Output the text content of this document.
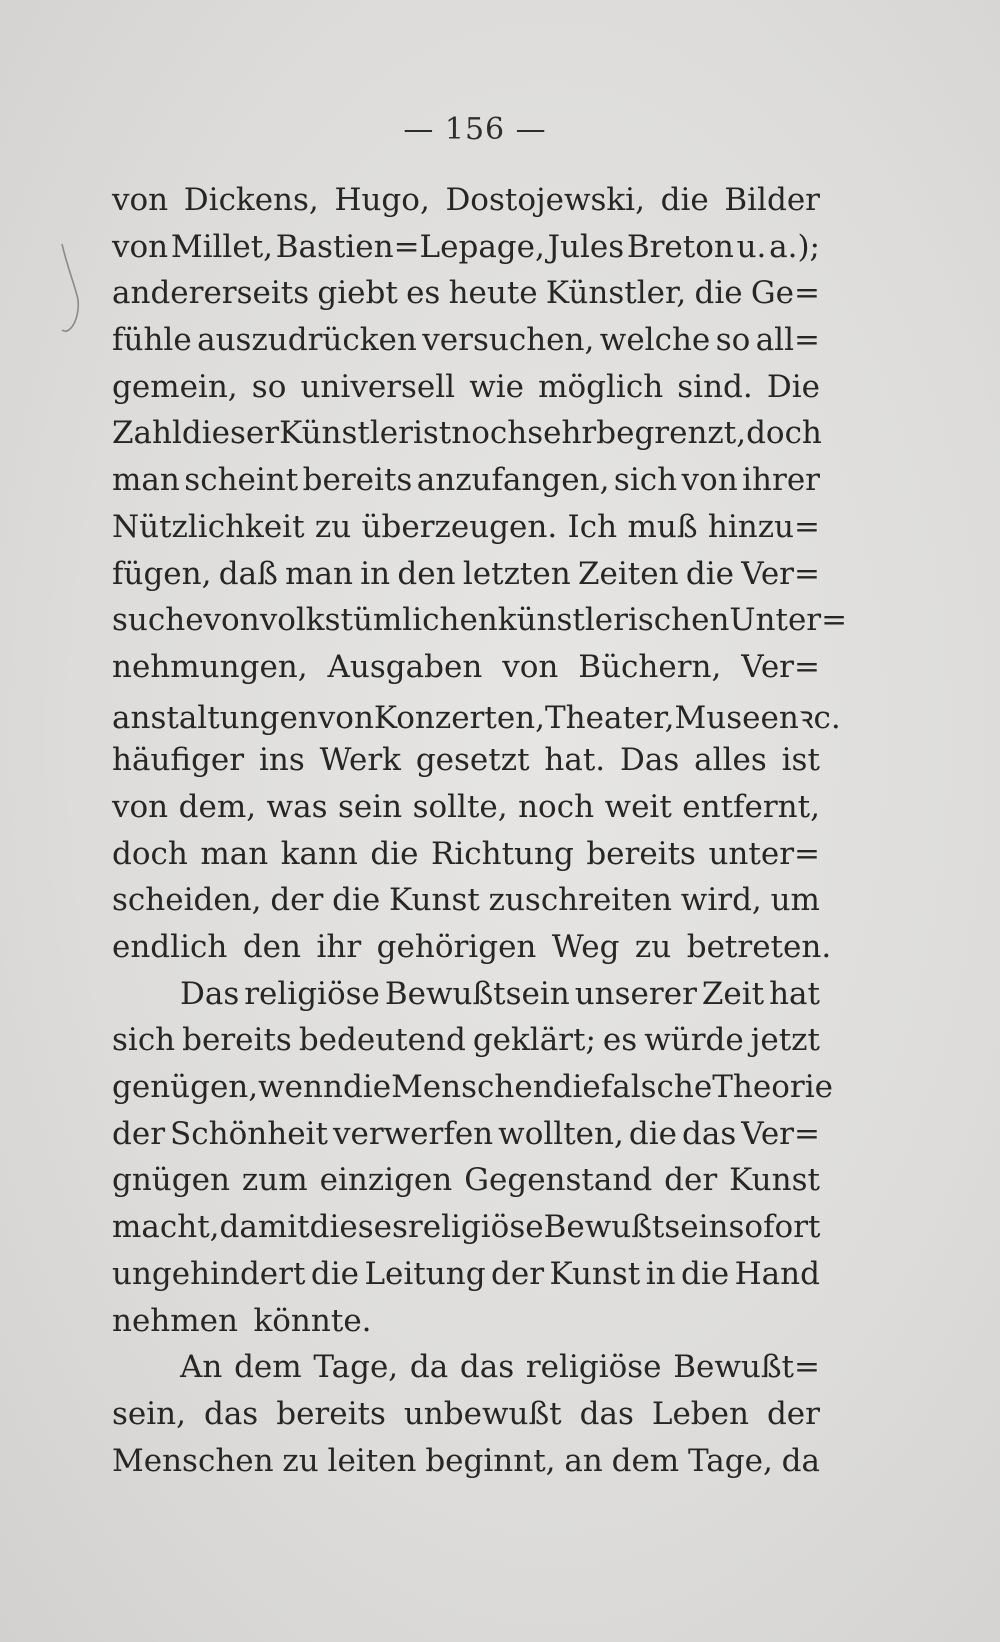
— 156 —
von Dickens, Hugo, Dostojewski, die Bilder
von Millet, Bastien=Lepage, Jules Breton u. a.);
andererseits giebt es heute Künstler, die Ge=
fühle auszudrücken versuchen, welche so all=
gemein, so universell wie möglich sind. Die
Zahl dieser Künstler ist noch sehr begrenzt, doch
man scheint bereits anzufangen, sich von ihrer
Nützlichkeit zu überzeugen. Ich muß hinzu=
fügen, daß man in den letzten Zeiten die Ver=
suche von volkstümlichen künstlerischen Unter=
nehmungen, Ausgaben von Büchern, Ver=
anstaltungen von Konzerten, Theater, Museen ꝛc.
häufiger ins Werk gesetzt hat. Das alles ist
von dem, was sein sollte, noch weit entfernt,
doch man kann die Richtung bereits unter=
scheiden, der die Kunst zuschreiten wird, um
endlich den ihr gehörigen Weg zu betreten.
Das religiöse Bewußtsein unserer Zeit hat
sich bereits bedeutend geklärt; es würde jetzt
genügen, wenn die Menschen die falsche Theorie
der Schönheit verwerfen wollten, die das Ver=
gnügen zum einzigen Gegenstand der Kunst
macht, damit dieses religiöse Bewußtsein sofort
ungehindert die Leitung der Kunst in die Hand
nehmen könnte.
An dem Tage, da das religiöse Bewußt=
sein, das bereits unbewußt das Leben der
Menschen zu leiten beginnt, an dem Tage, da
